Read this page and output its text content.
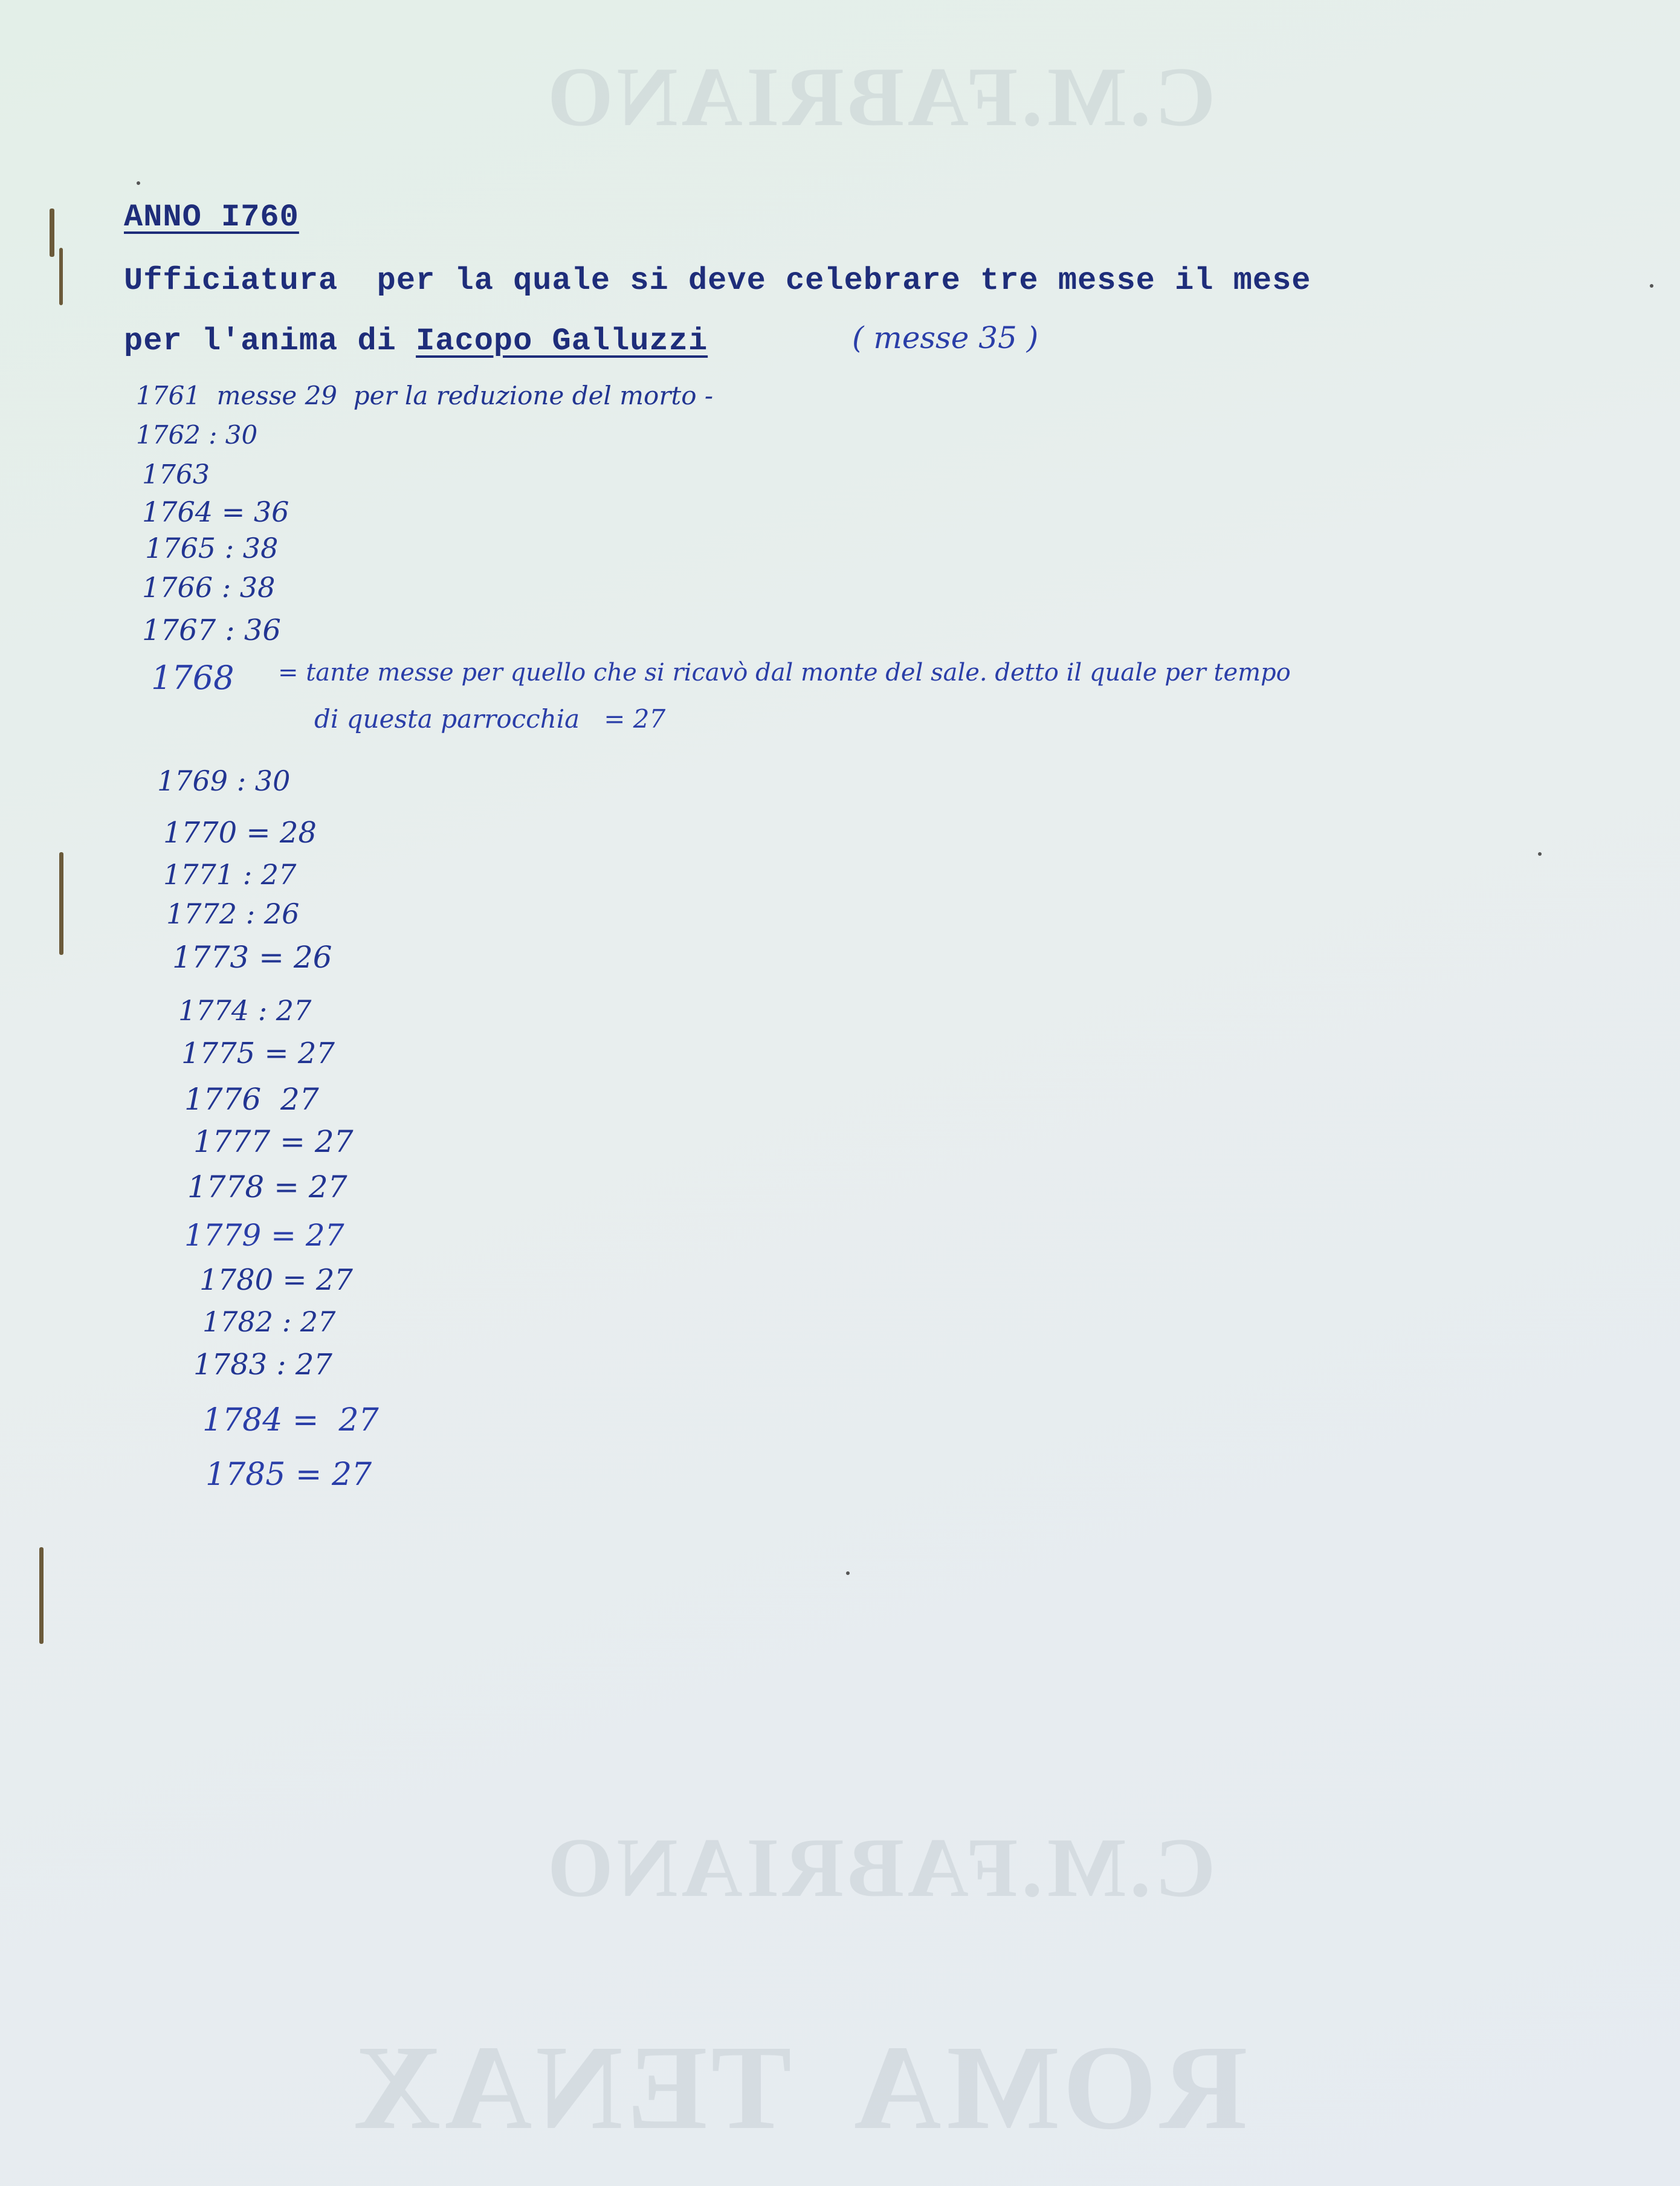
C.M.FABRIANO
C.M.FABRIANO
ROMA  TENAX
ANNO I760
Ufficiatura  per la quale si deve celebrare tre messe il mese
per l'anima di Iacopo Galluzzi	( messe 35 )
1761  messe 29  per la reduzione del morto -
1762 : 30
1763
1764 = 36
1765 : 38
1766 : 38
1767 : 36
1768 = tante messe per quello che si ricavò dal monte del sale. detto il quale per tempo
di questa parrocchia   = 27
1769 : 30
1770 = 28
1771 : 27
1772 : 26
1773 = 26
1774 : 27
1775 = 27
1776  27
1777 = 27
1778 = 27
1779 = 27
1780 = 27
1782 : 27
1783 : 27
1784 =  27
1785 = 27
